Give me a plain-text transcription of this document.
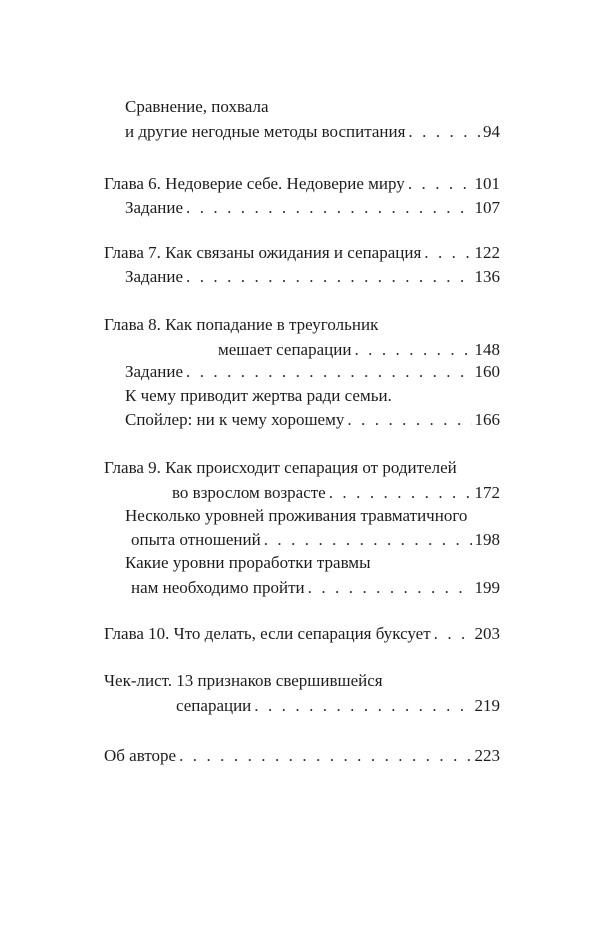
Сравнение, похвала
и другие негодные методы воспитания . . .	94
Глава 6. Недоверие себе. Недоверие миру . . .	101
Задание . . .	107
Глава 7. Как связаны ожидания и сепарация . . .	122
Задание . . .	136
Глава 8. Как попадание в треугольник
мешает сепарации . . .	148
Задание . . .	160
К чему приводит жертва ради семьи.
Спойлер: ни к чему хорошему . . .	166
Глава 9. Как происходит сепарация от родителей
во взрослом возрасте . . .	172
Несколько уровней проживания травматичного
опыта отношений . . .	198
Какие уровни проработки травмы
нам необходимо пройти . . .	199
Глава 10. Что делать, если сепарация буксует . . .	203
Чек-лист. 13 признаков свершившейся
сепарации . . .	219
Об авторе . . .	223
